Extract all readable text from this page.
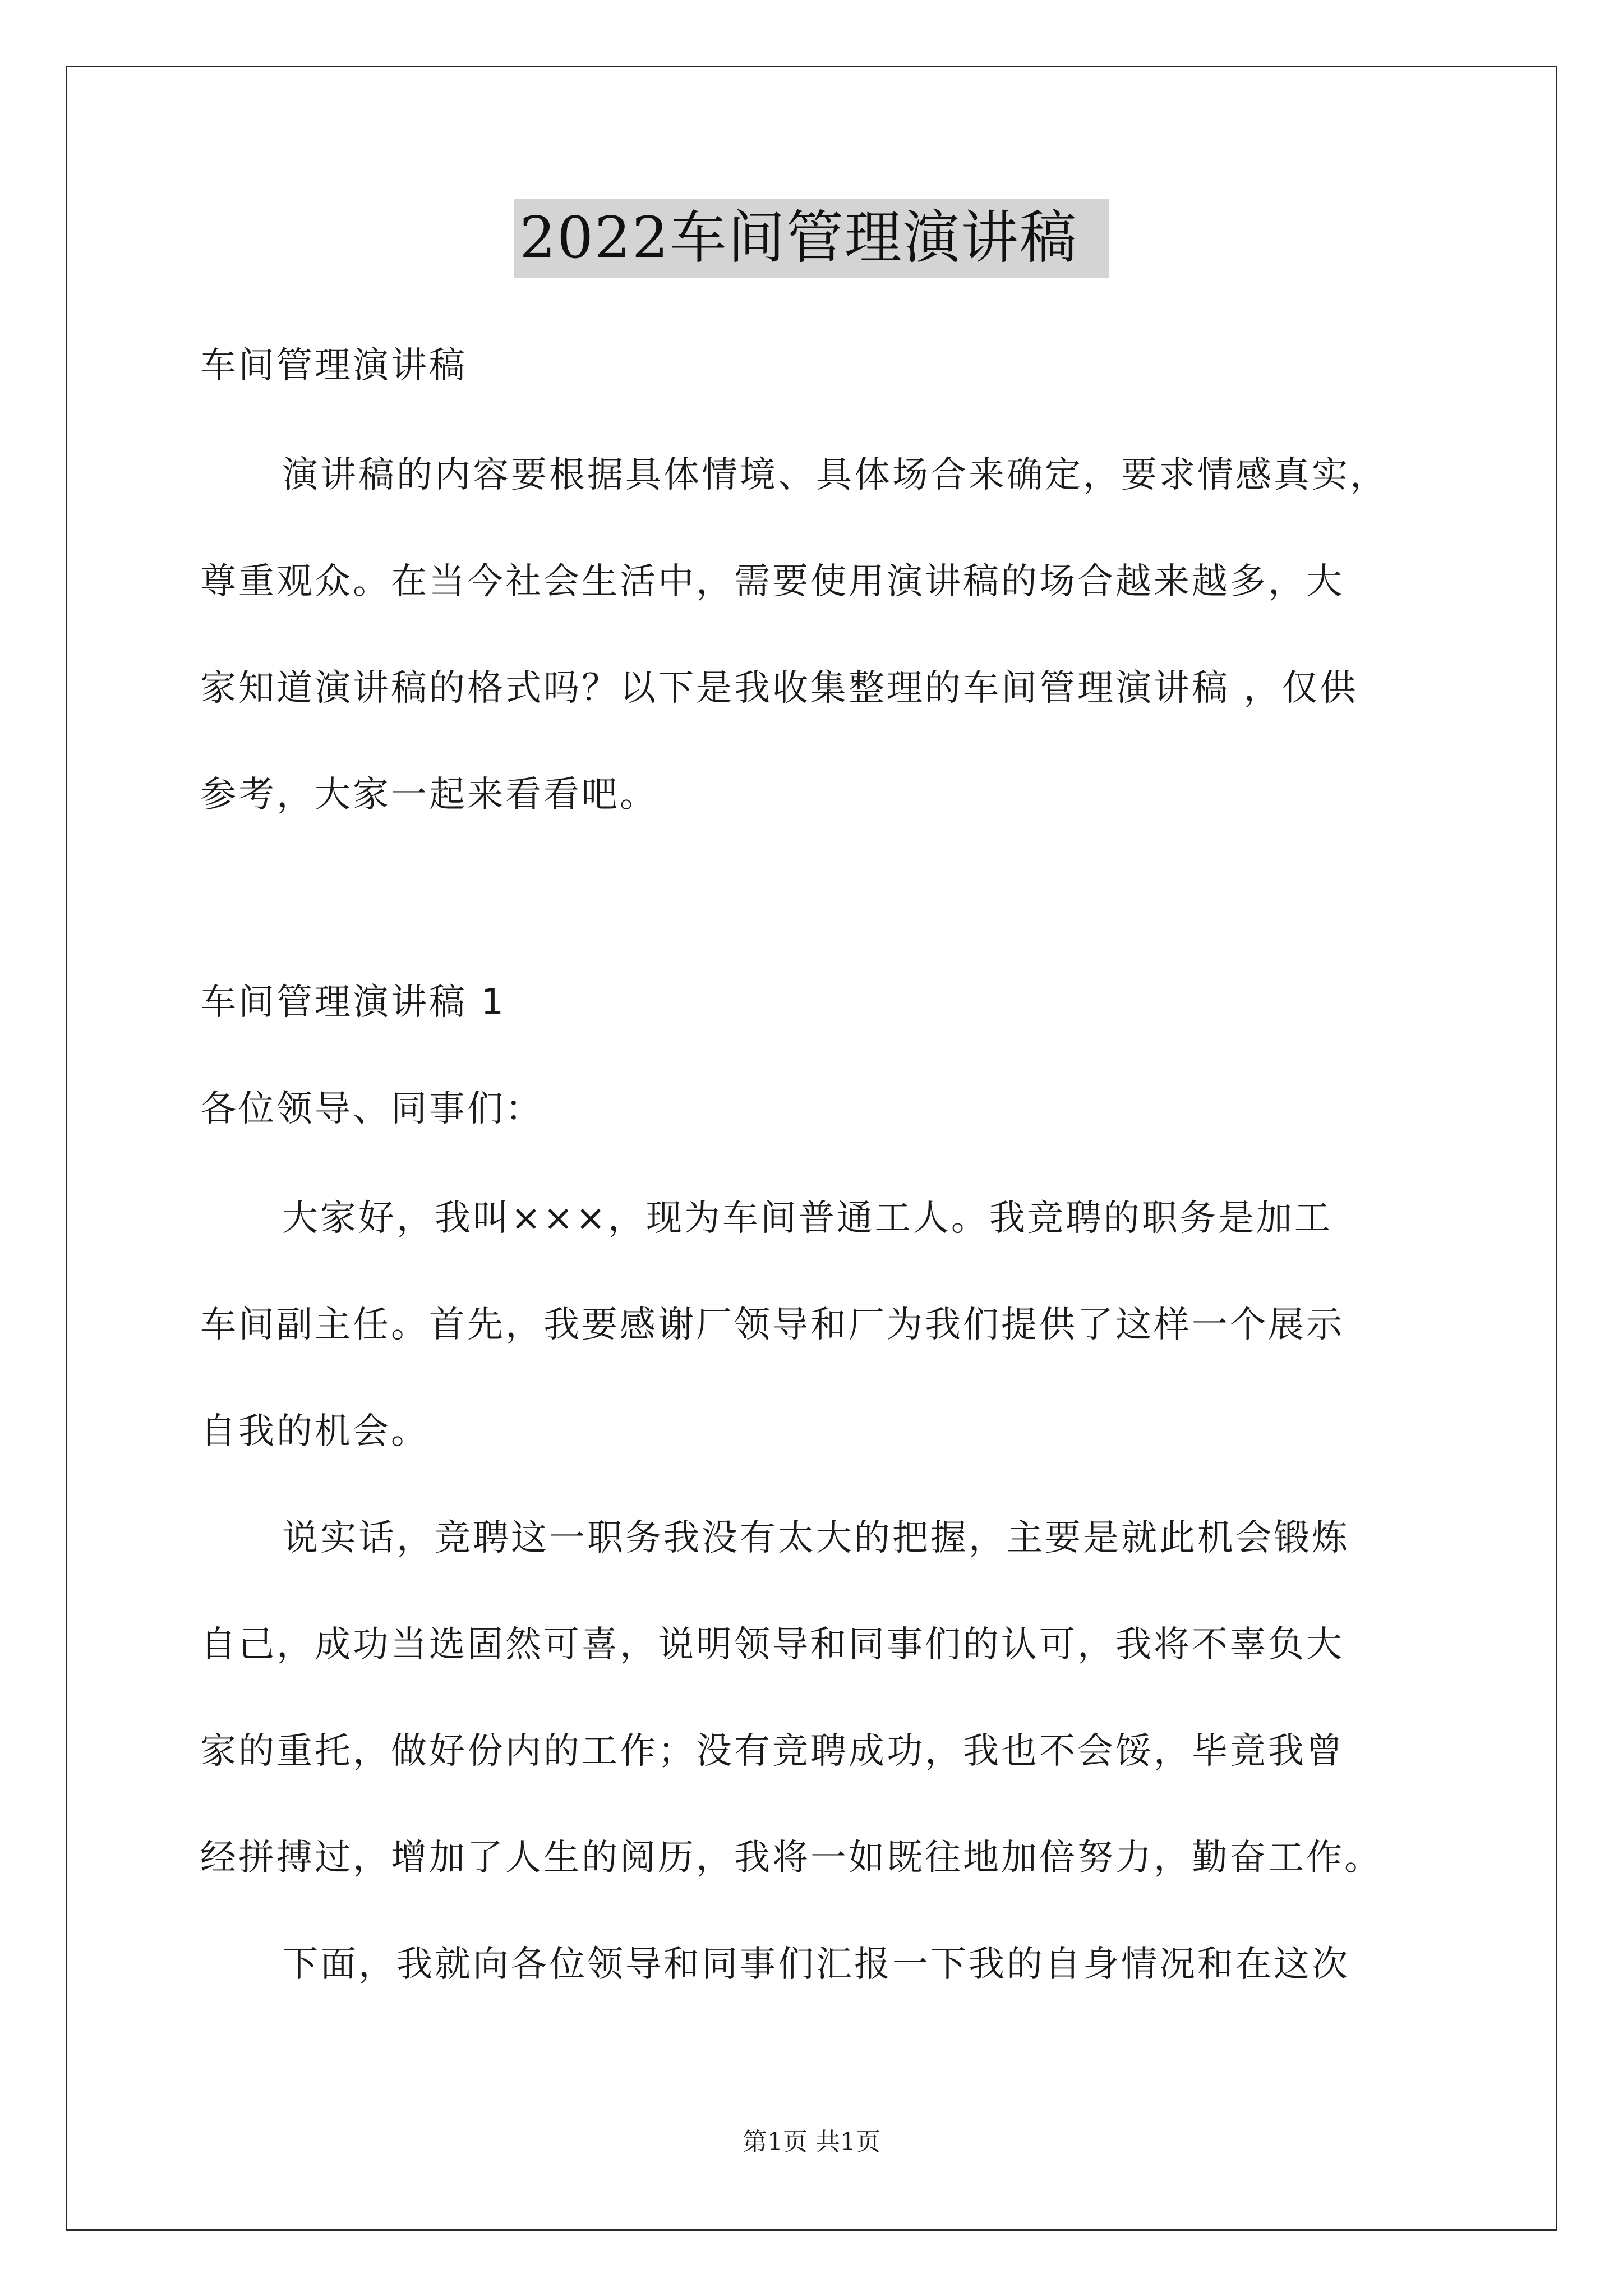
2022车间管理演讲稿
车间管理演讲稿
演讲稿的内容要根据具体情境、具体场合来确定，要求情感真实，
尊重观众。在当今社会生活中，需要使用演讲稿的场合越来越多，大
家知道演讲稿的格式吗？以下是我收集整理的车间管理演讲稿 ，仅供
参考，大家一起来看看吧。
车间管理演讲稿 1
各位领导、同事们：
大家好，我叫×××，现为车间普通工人。我竞聘的职务是加工
车间副主任。首先，我要感谢厂领导和厂为我们提供了这样一个展示
自我的机会。
说实话，竞聘这一职务我没有太大的把握，主要是就此机会锻炼
自己，成功当选固然可喜，说明领导和同事们的认可，我将不辜负大
家的重托，做好份内的工作；没有竞聘成功，我也不会馁，毕竟我曾
经拼搏过，增加了人生的阅历，我将一如既往地加倍努力，勤奋工作。
下面，我就向各位领导和同事们汇报一下我的自身情况和在这次
第1页 共1页
